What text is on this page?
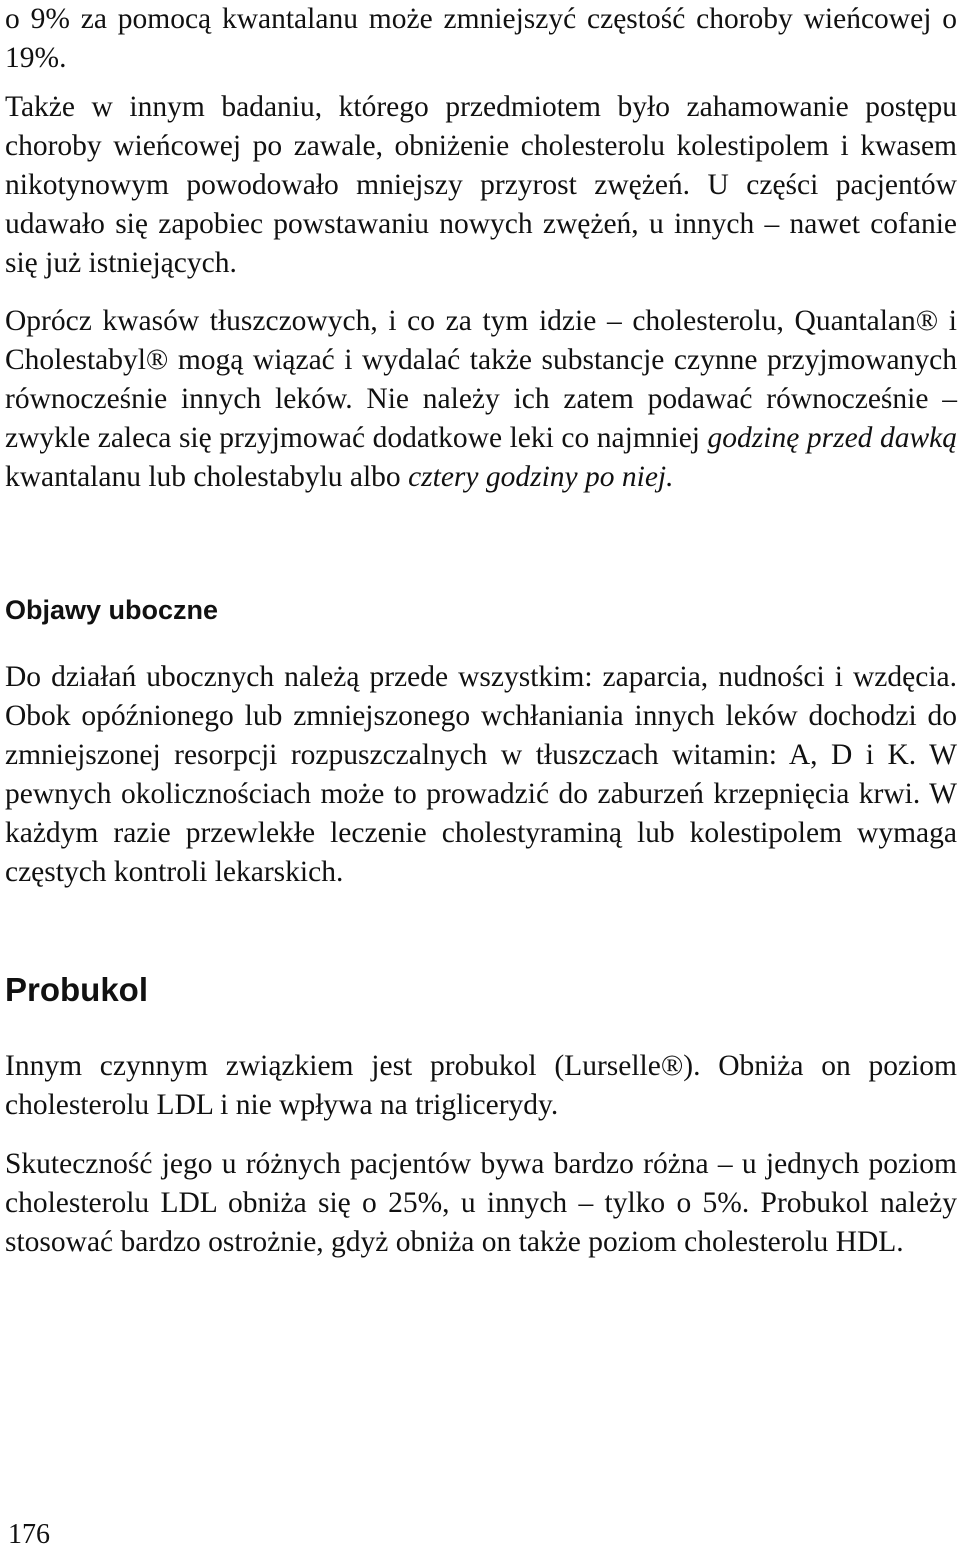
o 9% za pomocą kwantalanu może zmniejszyć częstość choroby wieńcowej o 19%.

Także w innym badaniu, którego przedmiotem było zahamowanie postępu choroby wieńcowej po zawale, obniżenie cholesterolu kolestipolem i kwasem nikotynowym powodowało mniejszy przyrost zwężeń. U części pacjentów udawało się zapobiec powstawaniu nowych zwężeń, u innych – nawet cofanie się już istniejących.

Oprócz kwasów tłuszczowych, i co za tym idzie – cholesterolu, Quantalan® i Cholestabyl® mogą wiązać i wydalać także substancje czynne przyjmowanych równocześnie innych leków. Nie należy ich zatem podawać równocześnie – zwykle zaleca się przyjmować dodatkowe leki co najmniej godzinę przed dawką kwantalanu lub cholestabylu albo cztery godziny po niej.

Objawy uboczne

Do działań ubocznych należą przede wszystkim: zaparcia, nudności i wzdęcia. Obok opóźnionego lub zmniejszonego wchłaniania innych leków dochodzi do zmniejszonej resorpcji rozpuszczalnych w tłuszczach witamin: A, D i K. W pewnych okolicznościach może to prowadzić do zaburzeń krzepnięcia krwi. W każdym razie przewlekłe leczenie cholestyraminą lub kolestipolem wymaga częstych kontroli lekarskich.

Probukol

Innym czynnym związkiem jest probukol (Lurselle®). Obniża on poziom cholesterolu LDL i nie wpływa na triglicerydy.

Skuteczność jego u różnych pacjentów bywa bardzo różna – u jednych poziom cholesterolu LDL obniża się o 25%, u innych – tylko o 5%. Probukol należy stosować bardzo ostrożnie, gdyż obniża on także poziom cholesterolu HDL.

176
